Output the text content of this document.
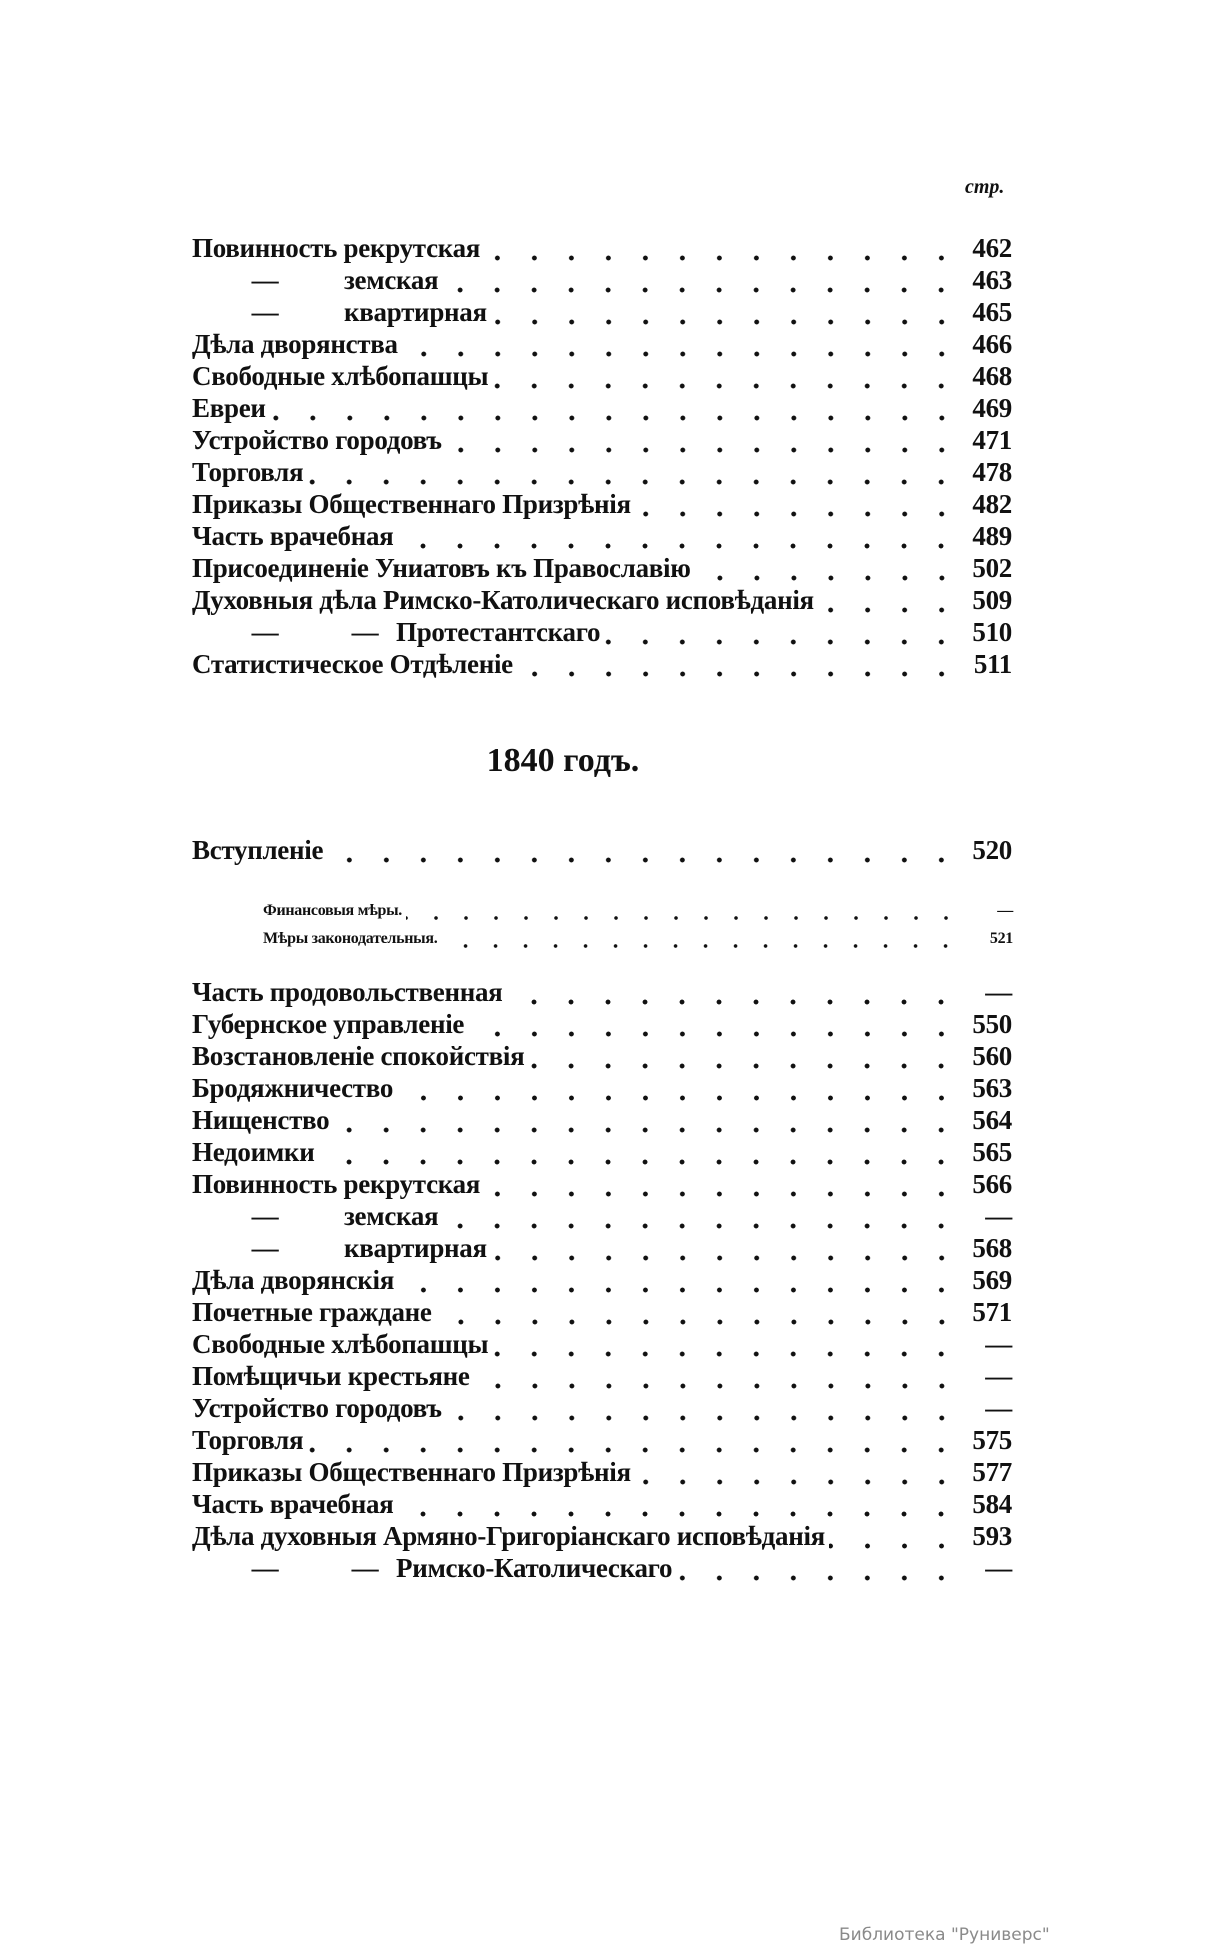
стр.
Повинность рекрутская	462
— земская	463
— квартирная	465
Дѣла дворянства	466
Свободные хлѣбопашцы	468
Евреи	469
Устройство городовъ	471
Торговля	478
Приказы Общественнаго Призрѣнія	482
Часть врачебная	489
Присоединеніе Униатовъ къ Православію	502
Духовныя дѣла Римско-Католическаго исповѣданія	509
—	— Протестантскаго	510
Статистическое Отдѣленіе	511
1840 годъ.
Вступленіе	520
Финансовыя мѣры.	—
Мѣры законодательныя.	521
Часть продовольственная	—
Губернское управленіе	550
Возстановленіе спокойствія	560
Бродяжничество	563
Нищенство	564
Недоимки	565
Повинность рекрутская	566
— земская	—
— квартирная	568
Дѣла дворянскія	569
Почетные граждане	571
Свободные хлѣбопашцы	—
Помѣщичьи крестьяне	—
Устройство городовъ	—
Торговля	575
Приказы Общественнаго Призрѣнія	577
Часть врачебная	584
Дѣла духовныя Армяно-Григоріанскаго исповѣданія	593
—	— Римско-Католическаго	—
Библиотека "Руниверс"
